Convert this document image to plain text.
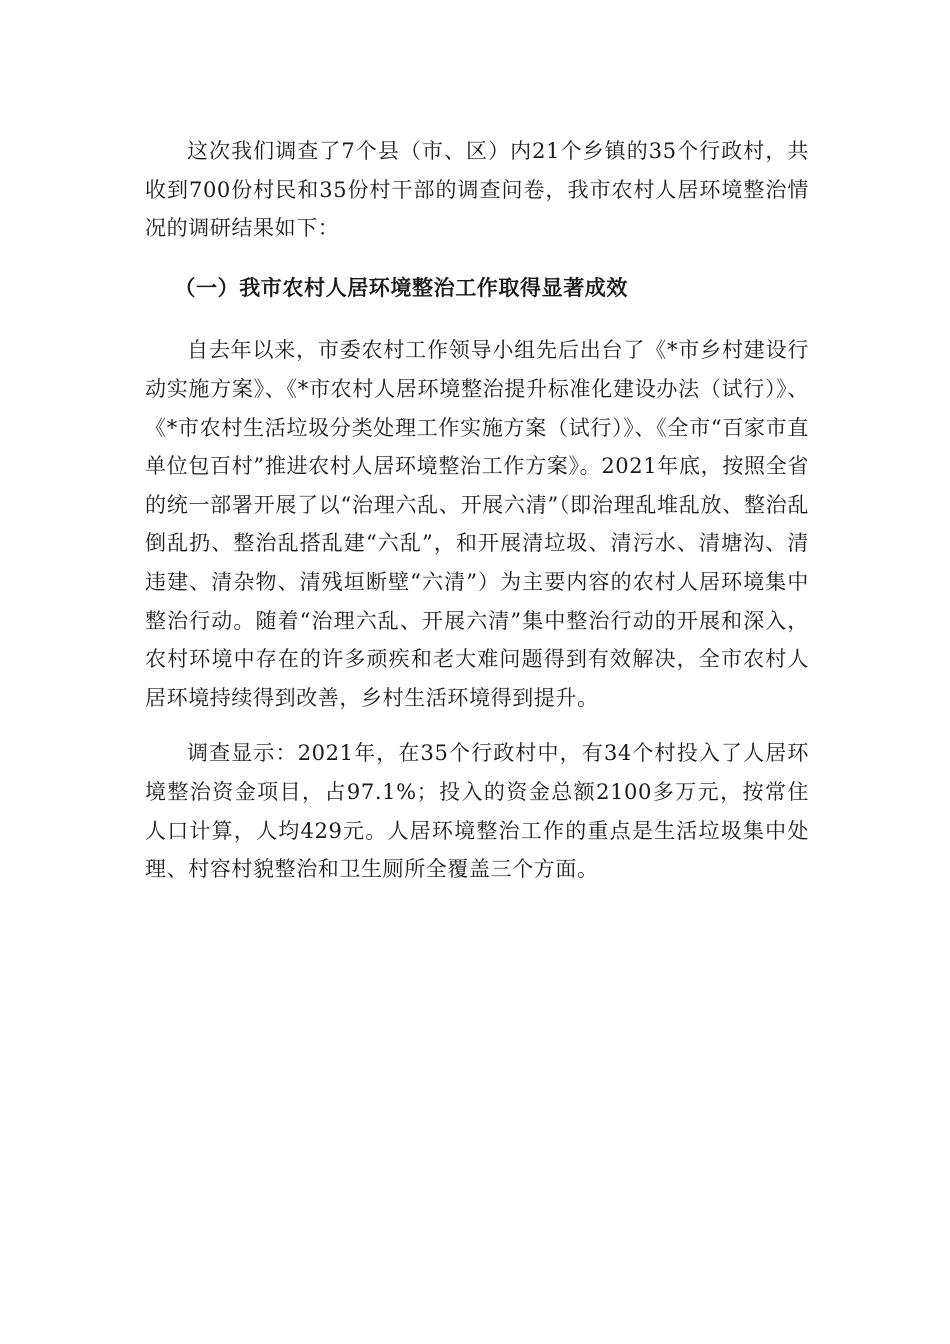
这次我们调查了7个县（市、区）内21个乡镇的35个行政村，共收到700份村民和35份村干部的调查问卷，我市农村人居环境整治情况的调研结果如下：

（一）我市农村人居环境整治工作取得显著成效

自去年以来，市委农村工作领导小组先后出台了《*市乡村建设行动实施方案》、《*市农村人居环境整治提升标准化建设办法（试行）》、《*市农村生活垃圾分类处理工作实施方案（试行）》、《全市“百家市直单位包百村”推进农村人居环境整治工作方案》。2021年底，按照全省的统一部署开展了以“治理六乱、开展六清”（即治理乱堆乱放、整治乱倒乱扔、整治乱搭乱建“六乱”，和开展清垃圾、清污水、清塘沟、清违建、清杂物、清残垣断壁“六清”）为主要内容的农村人居环境集中整治行动。随着“治理六乱、开展六清”集中整治行动的开展和深入，农村环境中存在的许多顽疾和老大难问题得到有效解决，全市农村人居环境持续得到改善，乡村生活环境得到提升。

调查显示：2021年，在35个行政村中，有34个村投入了人居环境整治资金项目，占97.1%；投入的资金总额2100多万元，按常住人口计算，人均429元。人居环境整治工作的重点是生活垃圾集中处理、村容村貌整治和卫生厕所全覆盖三个方面。
